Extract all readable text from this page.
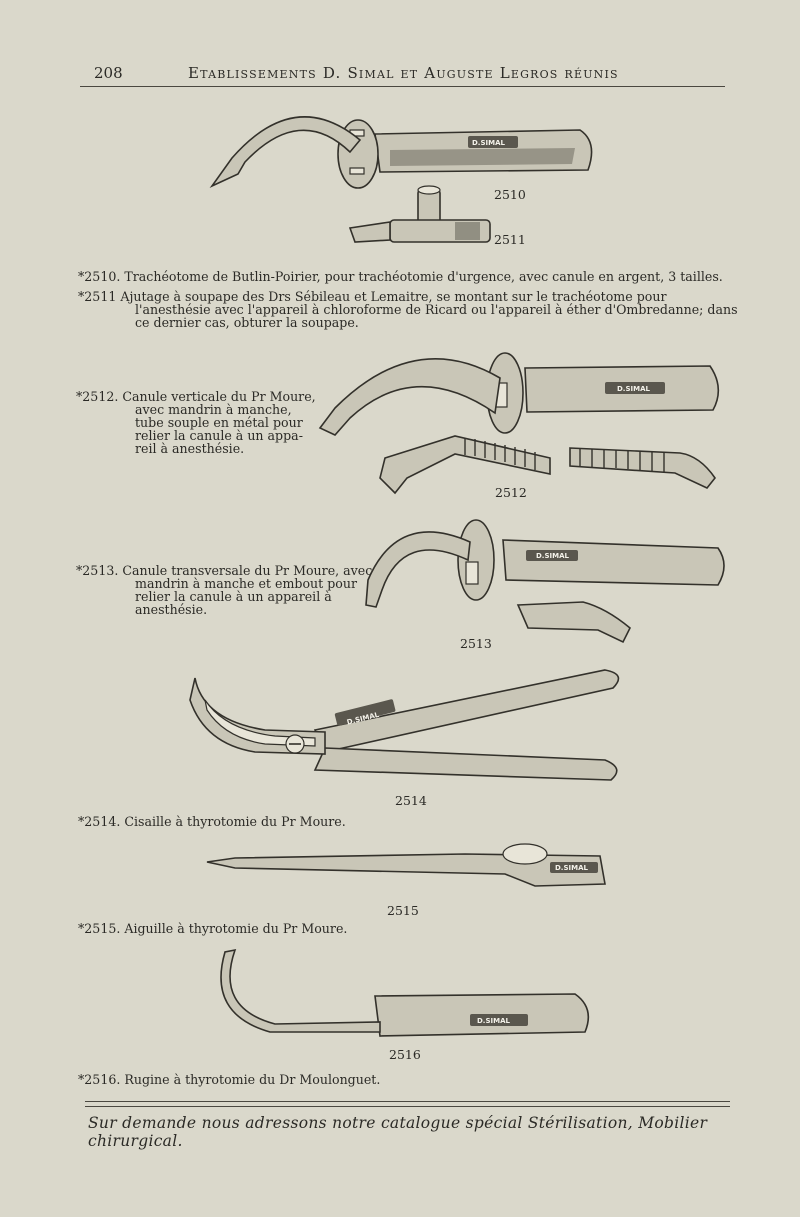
208	Etablissements D. Simal et Auguste Legros réunis
D.SIMAL
2510
2511
*2510. Trachéotome de Butlin-Poirier, pour trachéotomie d'urgence, avec canule en argent, 3 tailles.
*2511 Ajutage à soupape des Drs Sébileau et Lemaitre, se montant sur le trachéotome pour
l'anesthésie avec l'appareil à chloroforme de Ricard ou l'appareil à éther d'Ombredanne; dans
ce dernier cas, obturer la soupape.
D.SIMAL
2512
*2512. Canule verticale du Pr Moure,
avec mandrin à manche,
tube souple en métal pour
relier la canule à un appa-
reil à anesthésie.
D.SIMAL
2513
*2513. Canule transversale du Pr Moure, avec
mandrin à manche et embout pour
relier la canule à un appareil à
anesthésie.
D.SIMAL
2514
*2514. Cisaille à thyrotomie du Pr Moure.
D.SIMAL
2515
*2515. Aiguille à thyrotomie du Pr Moure.
D.SIMAL
2516
*2516. Rugine à thyrotomie du Dr Moulonguet.
Sur demande nous adressons notre catalogue spécial Stérilisation, Mobilier chirurgical.
